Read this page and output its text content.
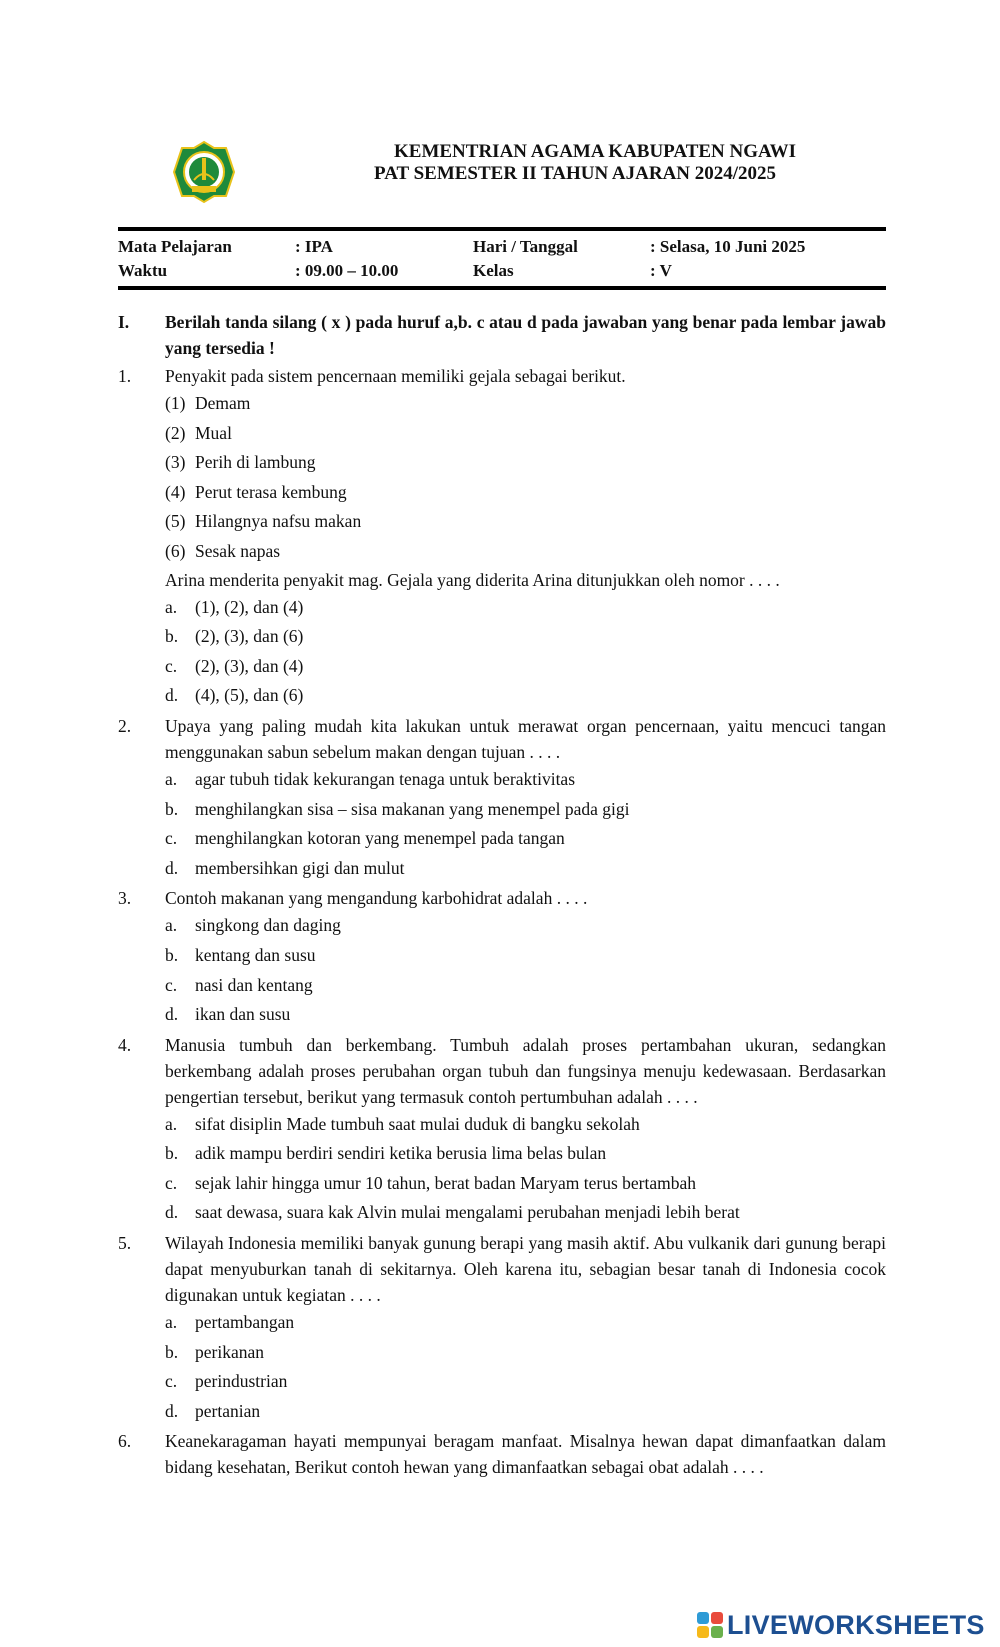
KEMENTRIAN AGAMA KABUPATEN NGAWI
PAT SEMESTER II TAHUN AJARAN 2024/2025
Mata Pelajaran	: IPA	Hari / Tanggal	: Selasa, 10 Juni 2025
Waktu	: 09.00 – 10.00	Kelas	: V
I. Berilah tanda silang ( x ) pada huruf a,b. c atau d pada jawaban yang benar pada lembar jawab yang tersedia !
1. Penyakit pada sistem pencernaan memiliki gejala sebagai berikut.
(1) Demam
(2) Mual
(3) Perih di lambung
(4) Perut terasa kembung
(5) Hilangnya nafsu makan
(6) Sesak napas
Arina menderita penyakit mag. Gejala yang diderita Arina ditunjukkan oleh nomor . . . .
a. (1), (2), dan (4)
b. (2), (3), dan (6)
c. (2), (3), dan (4)
d. (4), (5), dan (6)
2. Upaya yang paling mudah kita lakukan untuk merawat organ pencernaan, yaitu mencuci tangan menggunakan sabun sebelum makan dengan tujuan . . . .
a. agar tubuh tidak kekurangan tenaga untuk beraktivitas
b. menghilangkan sisa – sisa makanan yang menempel pada gigi
c. menghilangkan kotoran yang menempel pada tangan
d. membersihkan gigi dan mulut
3. Contoh makanan yang mengandung karbohidrat adalah . . . .
a. singkong dan daging
b. kentang dan susu
c. nasi dan kentang
d. ikan dan susu
4. Manusia tumbuh dan berkembang. Tumbuh adalah proses pertambahan ukuran, sedangkan berkembang adalah proses perubahan organ tubuh dan fungsinya menuju kedewasaan. Berdasarkan pengertian tersebut, berikut yang termasuk contoh pertumbuhan adalah . . . .
a. sifat disiplin Made tumbuh saat mulai duduk di bangku sekolah
b. adik mampu berdiri sendiri ketika berusia lima belas bulan
c. sejak lahir hingga umur 10 tahun, berat badan Maryam terus bertambah
d. saat dewasa, suara kak Alvin mulai mengalami perubahan menjadi lebih berat
5. Wilayah Indonesia memiliki banyak gunung berapi yang masih aktif. Abu vulkanik dari gunung berapi dapat menyuburkan tanah di sekitarnya. Oleh karena itu, sebagian besar tanah di Indonesia cocok digunakan untuk kegiatan . . . .
a. pertambangan
b. perikanan
c. perindustrian
d. pertanian
6. Keanekaragaman hayati mempunyai beragam manfaat. Misalnya hewan dapat dimanfaatkan dalam bidang kesehatan, Berikut contoh hewan yang dimanfaatkan sebagai obat adalah . . . .
LIVEWORKSHEETS
